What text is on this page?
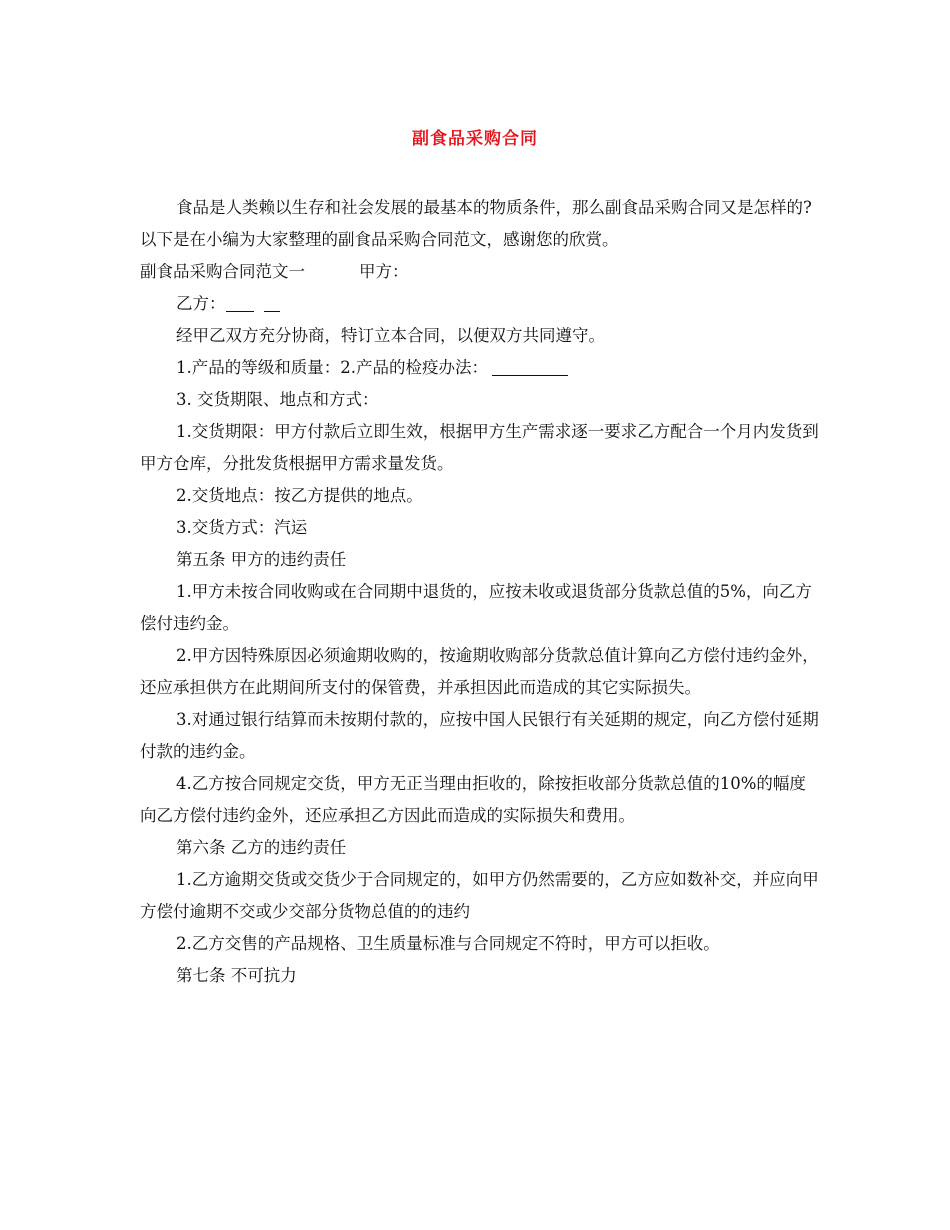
副食品采购合同

食品是人类赖以生存和社会发展的最基本的物质条件，那么副食品采购合同又是怎样的?以下是在小编为大家整理的副食品采购合同范文，感谢您的欣赏。

副食品采购合同范文一	甲方：

乙方：

经甲乙双方充分协商，特订立本合同，以便双方共同遵守。

1.产品的等级和质量：2.产品的检疫办法：

3. 交货期限、地点和方式：

1.交货期限：甲方付款后立即生效，根据甲方生产需求逐一要求乙方配合一个月内发货到甲方仓库，分批发货根据甲方需求量发货。

2.交货地点：按乙方提供的地点。

3.交货方式：汽运

第五条 甲方的违约责任

1.甲方未按合同收购或在合同期中退货的，应按未收或退货部分货款总值的5%，向乙方偿付违约金。

2.甲方因特殊原因必须逾期收购的，按逾期收购部分货款总值计算向乙方偿付违约金外，还应承担供方在此期间所支付的保管费，并承担因此而造成的其它实际损失。

3.对通过银行结算而未按期付款的，应按中国人民银行有关延期的规定，向乙方偿付延期付款的违约金。

4.乙方按合同规定交货，甲方无正当理由拒收的，除按拒收部分货款总值的10%的幅度向乙方偿付违约金外，还应承担乙方因此而造成的实际损失和费用。

第六条 乙方的违约责任

1.乙方逾期交货或交货少于合同规定的，如甲方仍然需要的，乙方应如数补交，并应向甲方偿付逾期不交或少交部分货物总值的的违约

2.乙方交售的产品规格、卫生质量标准与合同规定不符时，甲方可以拒收。

第七条 不可抗力
